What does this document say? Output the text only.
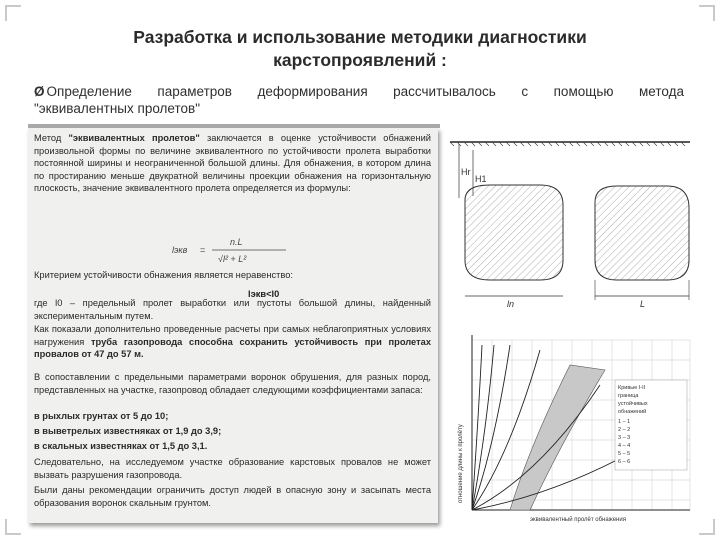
Разработка и использование методики диагностики
карстопроявлений :
Ø Определение параметров деформирования рассчитывалось с помощью метода
"эквивалентных пролетов"
Метод "эквивалентных пролетов" заключается в оценке устойчивости обнажений произвольной формы по величине эквивалентного по устойчивости пролета выработки постоянной ширины и неограниченной большой длины. Для обнажения, в котором длина по простиранию меньше двукратной величины проекции обнажения на горизонтальную плоскость, значение эквивалентного пролета определяется из формулы:
lэкв =
n.L
√l² + L²
Критерием устойчивости обнажения является неравенство:
lэкв<l0
где l0 – предельный пролет выработки или пустоты большой длины, найденный экспериментальным путем.
Как показали дополнительно проведенные расчеты при самых неблагоприятных условиях нагружения труба газопровода способна сохранить устойчивость при пролетах провалов от 47 до 57 м.
В сопоставлении с предельными параметрами воронок обрушения, для разных пород, представленных на участке, газопровод обладает следующими коэффициентами запаса:
в рыхлых грунтах от 5 до 10;
в выветрелых известняках от 1,9 до 3,9;
в скальных известняках от 1,5 до 3,1.
Следовательно, на исследуемом участке образование карстовых провалов не может вызвать разрушения газопровода.
Были даны рекомендации ограничить доступ людей в опасную зону и засыпать места образования воронок скальным грунтом.
Hr
H1
ln	L
отношение длины к пролёту
эквивалентный пролёт обнажения
Кривые I-II
граница
устойчивых
обнажений
1 – 1
2 – 2
3 – 3
4 – 4
5 – 5
6 – 6
